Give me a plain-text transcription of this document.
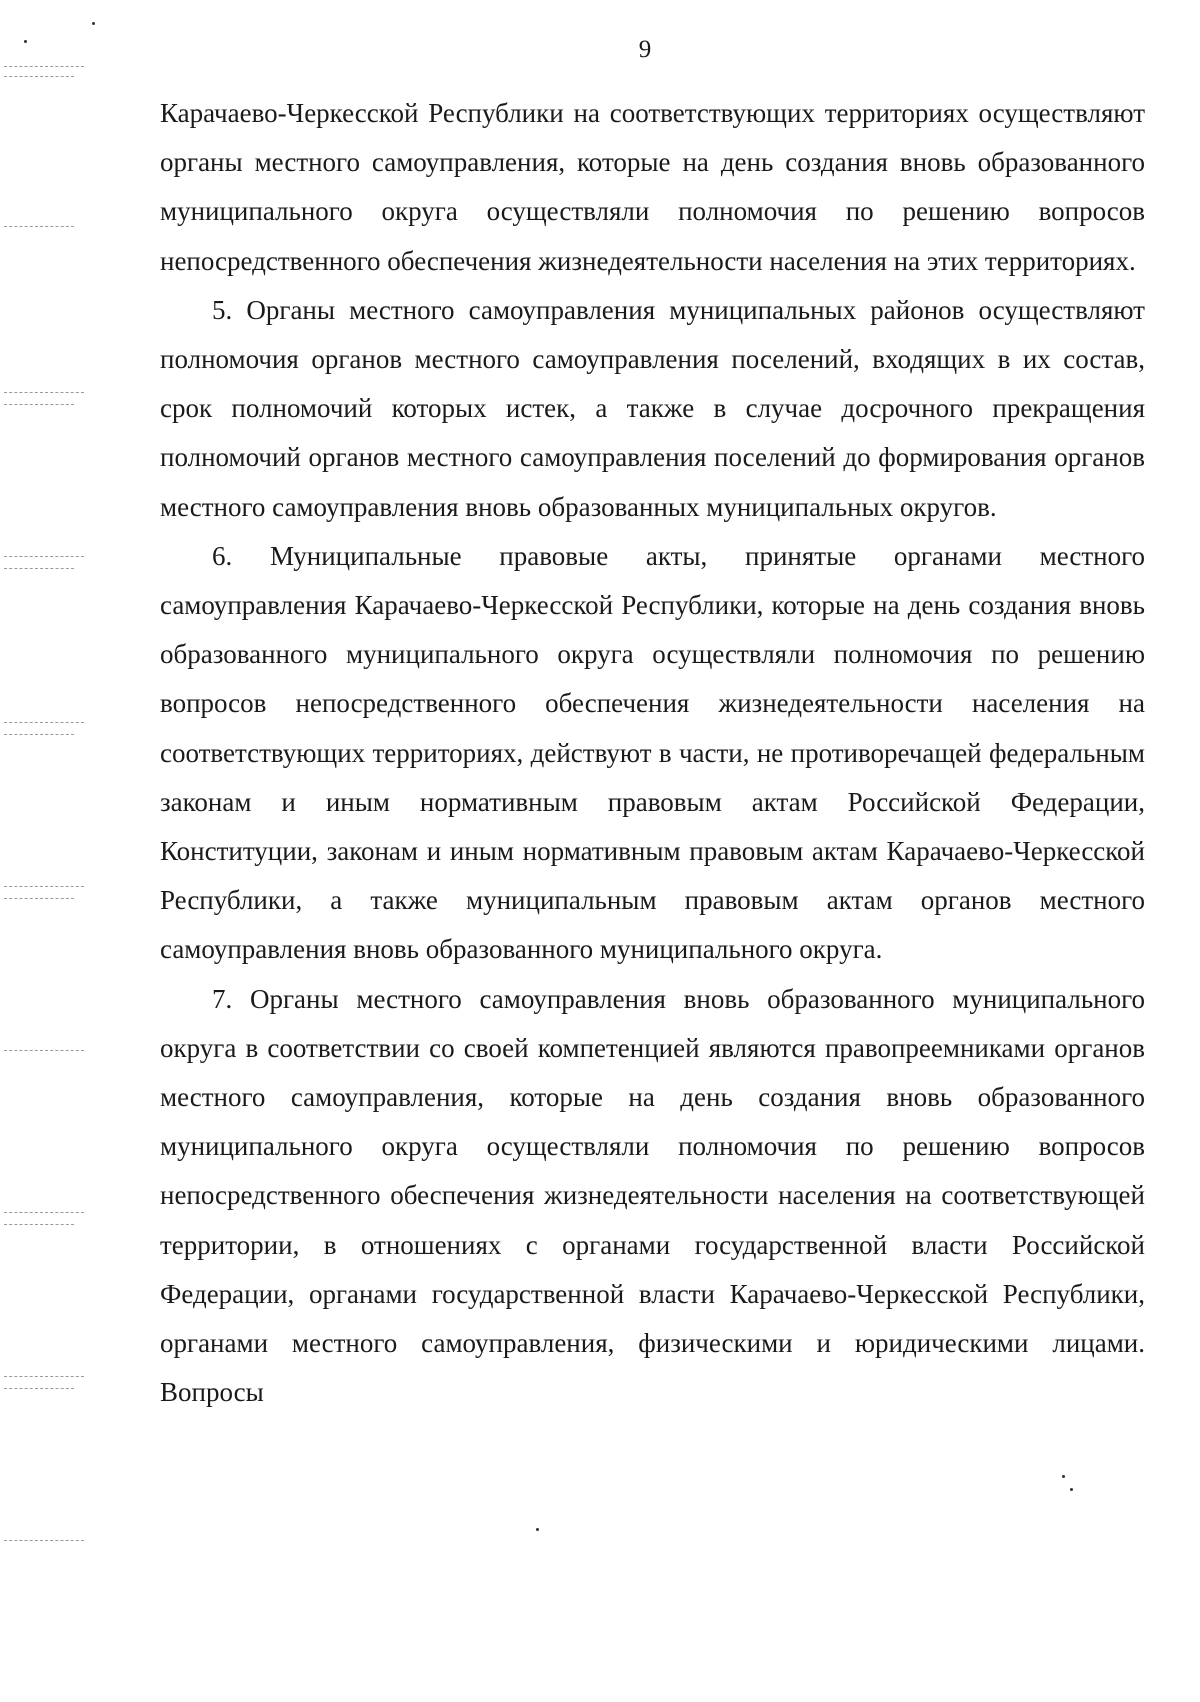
9

Карачаево-Черкесской Республики на соответствующих территориях осуществляют органы местного самоуправления, которые на день создания вновь образованного муниципального округа осуществляли полномочия по решению вопросов непосредственного обеспечения жизнедеятельности населения на этих территориях.

5. Органы местного самоуправления муниципальных районов осуществляют полномочия органов местного самоуправления поселений, входящих в их состав, срок полномочий которых истек, а также в случае досрочного прекращения полномочий органов местного самоуправления поселений до формирования органов местного самоуправления вновь образованных муниципальных округов.

6. Муниципальные правовые акты, принятые органами местного самоуправления Карачаево-Черкесской Республики, которые на день создания вновь образованного муниципального округа осуществляли полномочия по решению вопросов непосредственного обеспечения жизнедеятельности населения на соответствующих территориях, действуют в части, не противоречащей федеральным законам и иным нормативным правовым актам Российской Федерации, Конституции, законам и иным нормативным правовым актам Карачаево-Черкесской Республики, а также муниципальным правовым актам органов местного самоуправления вновь образованного муниципального округа.

7. Органы местного самоуправления вновь образованного муниципального округа в соответствии со своей компетенцией являются правопреемниками органов местного самоуправления, которые на день создания вновь образованного муниципального округа осуществляли полномочия по решению вопросов непосредственного обеспечения жизнедеятельности населения на соответствующей территории, в отношениях с органами государственной власти Российской Федерации, органами государственной власти Карачаево-Черкесской Республики, органами местного самоуправления, физическими и юридическими лицами. Вопросы
